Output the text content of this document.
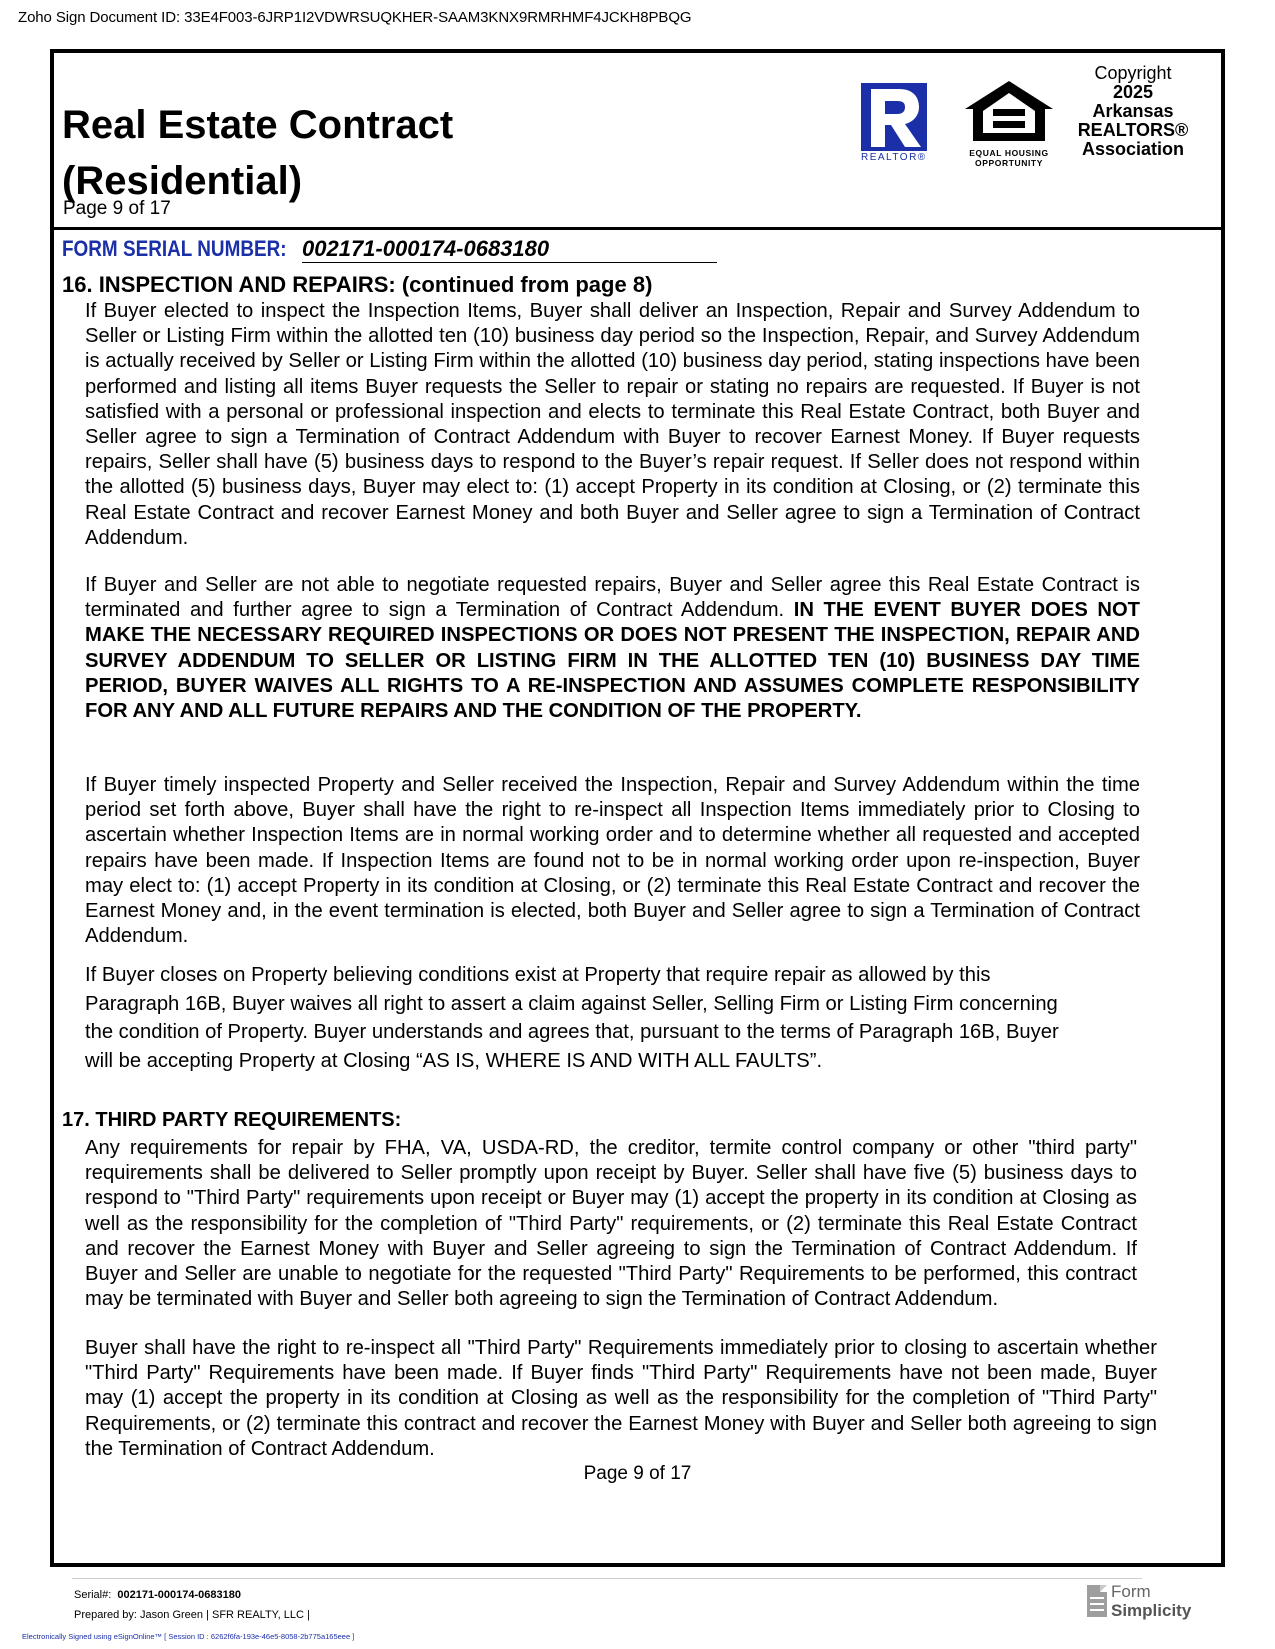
Zoho Sign Document ID: 33E4F003-6JRP1I2VDWRSUQKHER-SAAM3KNX9RMRHMF4JCKH8PBQG
Real Estate Contract
(Residential)
Page 9 of 17
REALTOR®	EQUAL HOUSING
OPPORTUNITY
Copyright
2025
Arkansas
REALTORS®
Association
FORM SERIAL NUMBER: 002171-000174-0683180
16. INSPECTION AND REPAIRS: (continued from page 8)
If Buyer elected to inspect the Inspection Items, Buyer shall deliver an Inspection, Repair and Survey Addendum to Seller or Listing Firm within the allotted ten (10) business day period so the Inspection, Repair, and Survey Addendum is actually received by Seller or Listing Firm within the allotted (10) business day period, stating inspections have been performed and listing all items Buyer requests the Seller to repair or stating no repairs are requested. If Buyer is not satisfied with a personal or professional inspection and elects to terminate this Real Estate Contract, both Buyer and Seller agree to sign a Termination of Contract Addendum with Buyer to recover Earnest Money. If Buyer requests repairs, Seller shall have (5) business days to respond to the Buyer’s repair request. If Seller does not respond within the allotted (5) business days, Buyer may elect to: (1) accept Property in its condition at Closing, or (2) terminate this Real Estate Contract and recover Earnest Money and both Buyer and Seller agree to sign a Termination of Contract Addendum.
If Buyer and Seller are not able to negotiate requested repairs, Buyer and Seller agree this Real Estate Contract is terminated and further agree to sign a Termination of Contract Addendum. IN THE EVENT BUYER DOES NOT MAKE THE NECESSARY REQUIRED INSPECTIONS OR DOES NOT PRESENT THE INSPECTION, REPAIR AND SURVEY ADDENDUM TO SELLER OR LISTING FIRM IN THE ALLOTTED TEN (10) BUSINESS DAY TIME PERIOD, BUYER WAIVES ALL RIGHTS TO A RE-INSPECTION AND ASSUMES COMPLETE RESPONSIBILITY FOR ANY AND ALL FUTURE REPAIRS AND THE CONDITION OF THE PROPERTY.
If Buyer timely inspected Property and Seller received the Inspection, Repair and Survey Addendum within the time period set forth above, Buyer shall have the right to re-inspect all Inspection Items immediately prior to Closing to ascertain whether Inspection Items are in normal working order and to determine whether all requested and accepted repairs have been made. If Inspection Items are found not to be in normal working order upon re-inspection, Buyer may elect to: (1) accept Property in its condition at Closing, or (2) terminate this Real Estate Contract and recover the Earnest Money and, in the event termination is elected, both Buyer and Seller agree to sign a Termination of Contract Addendum.
If Buyer closes on Property believing conditions exist at Property that require repair as allowed by this Paragraph 16B, Buyer waives all right to assert a claim against Seller, Selling Firm or Listing Firm concerning the condition of Property. Buyer understands and agrees that, pursuant to the terms of Paragraph 16B, Buyer will be accepting Property at Closing “AS IS, WHERE IS AND WITH ALL FAULTS”.
17. THIRD PARTY REQUIREMENTS:
Any requirements for repair by FHA, VA, USDA-RD, the creditor, termite control company or other "third party" requirements shall be delivered to Seller promptly upon receipt by Buyer. Seller shall have five (5) business days to respond to "Third Party" requirements upon receipt or Buyer may (1) accept the property in its condition at Closing as well as the responsibility for the completion of "Third Party" requirements, or (2) terminate this Real Estate Contract and recover the Earnest Money with Buyer and Seller agreeing to sign the Termination of Contract Addendum. If Buyer and Seller are unable to negotiate for the requested "Third Party" Requirements to be performed, this contract may be terminated with Buyer and Seller both agreeing to sign the Termination of Contract Addendum.
Buyer shall have the right to re-inspect all "Third Party" Requirements immediately prior to closing to ascertain whether "Third Party" Requirements have been made. If Buyer finds "Third Party" Requirements have not been made, Buyer may (1) accept the property in its condition at Closing as well as the responsibility for the completion of "Third Party" Requirements, or (2) terminate this contract and recover the Earnest Money with Buyer and Seller both agreeing to sign the Termination of Contract Addendum.
Page 9 of 17
Serial#: 002171-000174-0683180
Prepared by: Jason Green | SFR REALTY, LLC |
Form
Simplicity
Electronically Signed using eSignOnline™ [ Session ID : 6262f6fa-193e-46e5-8058-2b775a165eee ]
